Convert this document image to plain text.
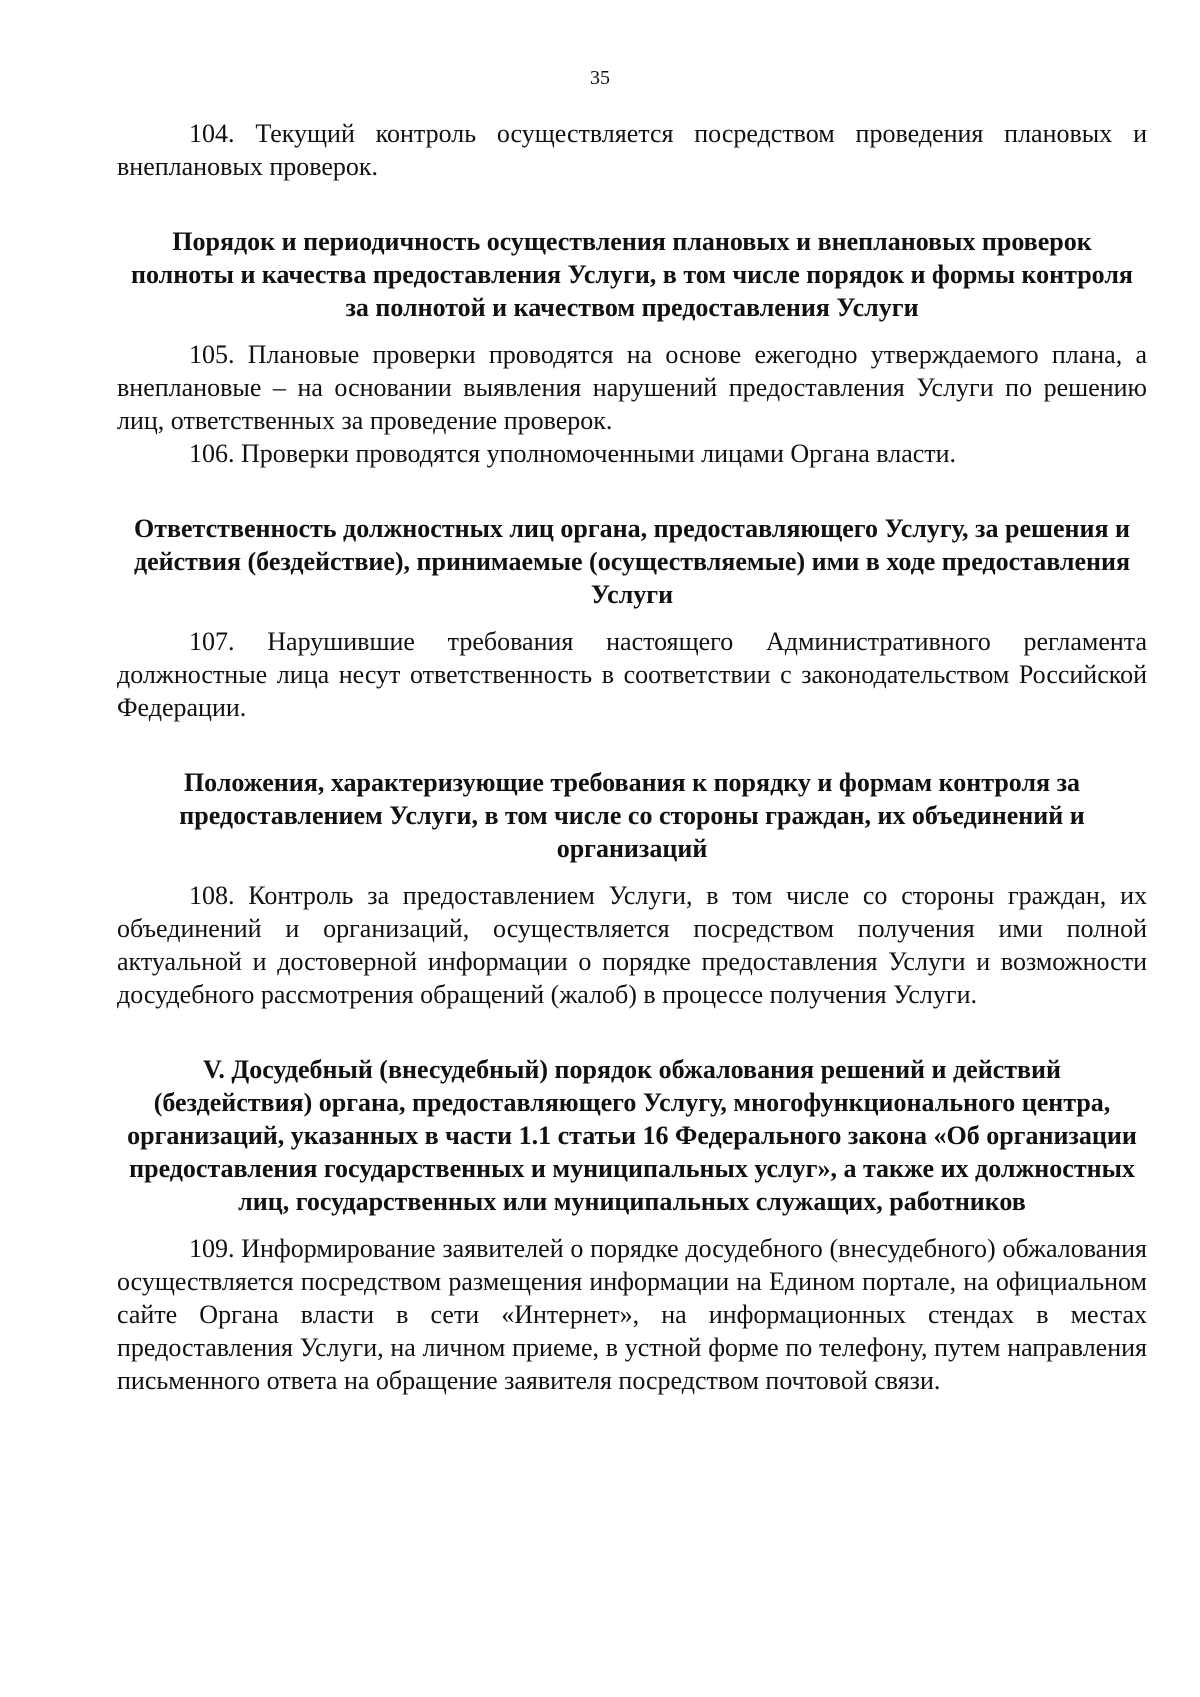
35

104. Текущий контроль осуществляется посредством проведения плановых и внеплановых проверок.

Порядок и периодичность осуществления плановых и внеплановых проверок полноты и качества предоставления Услуги, в том числе порядок и формы контроля за полнотой и качеством предоставления Услуги

105. Плановые проверки проводятся на основе ежегодно утверждаемого плана, а внеплановые – на основании выявления нарушений предоставления Услуги по решению лиц, ответственных за проведение проверок.

106. Проверки проводятся уполномоченными лицами Органа власти.

Ответственность должностных лиц органа, предоставляющего Услугу, за решения и действия (бездействие), принимаемые (осуществляемые) ими в ходе предоставления Услуги

107. Нарушившие требования настоящего Административного регламента должностные лица несут ответственность в соответствии с законодательством Российской Федерации.

Положения, характеризующие требования к порядку и формам контроля за предоставлением Услуги, в том числе со стороны граждан, их объединений и организаций

108. Контроль за предоставлением Услуги, в том числе со стороны граждан, их объединений и организаций, осуществляется посредством получения ими полной актуальной и достоверной информации о порядке предоставления Услуги и возможности досудебного рассмотрения обращений (жалоб) в процессе получения Услуги.

V. Досудебный (внесудебный) порядок обжалования решений и действий (бездействия) органа, предоставляющего Услугу, многофункционального центра, организаций, указанных в части 1.1 статьи 16 Федерального закона «Об организации предоставления государственных и муниципальных услуг», а также их должностных лиц, государственных или муниципальных служащих, работников

109. Информирование заявителей о порядке досудебного (внесудебного) обжалования осуществляется посредством размещения информации на Едином портале, на официальном сайте Органа власти в сети «Интернет», на информационных стендах в местах предоставления Услуги, на личном приеме, в устной форме по телефону, путем направления письменного ответа на обращение заявителя посредством почтовой связи.
